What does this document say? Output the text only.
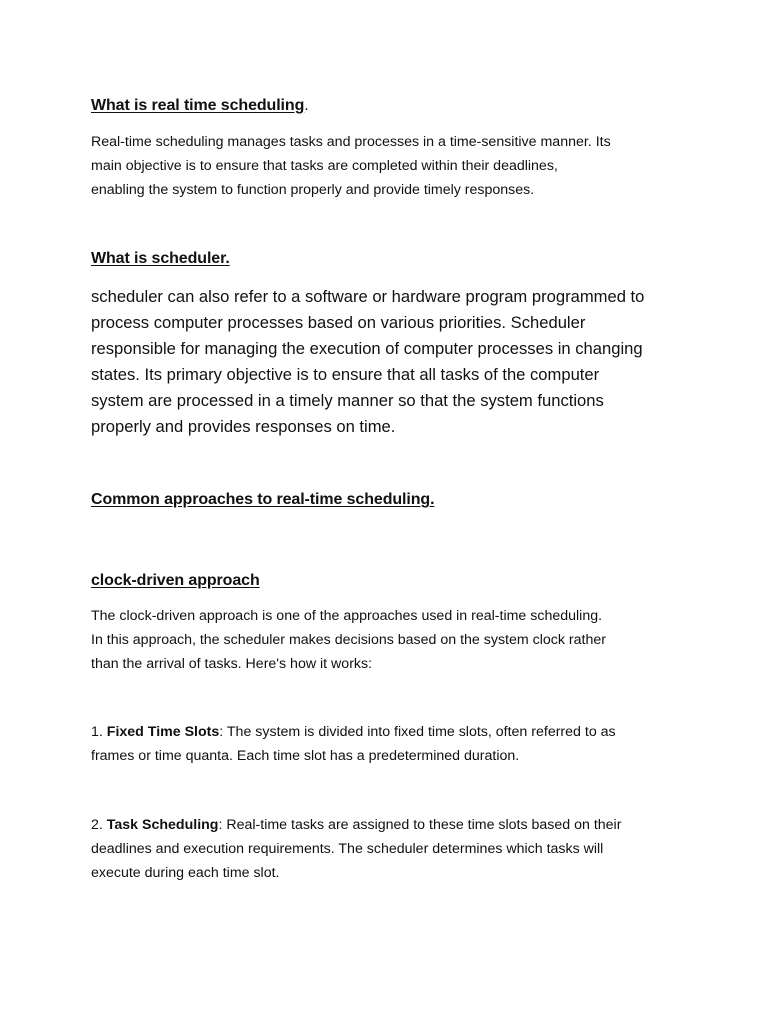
What is real time scheduling.

Real-time scheduling manages tasks and processes in a time-sensitive manner. Its
main objective is to ensure that tasks are completed within their deadlines,
enabling the system to function properly and provide timely responses.

What is scheduler.

scheduler can also refer to a software or hardware program programmed to
process computer processes based on various priorities. Scheduler
responsible for managing the execution of computer processes in changing
states. Its primary objective is to ensure that all tasks of the computer
system are processed in a timely manner so that the system functions
properly and provides responses on time.

Common approaches to real-time scheduling.
clock-driven approach

The clock-driven approach is one of the approaches used in real-time scheduling.
In this approach, the scheduler makes decisions based on the system clock rather
than the arrival of tasks. Here's how it works:

1. Fixed Time Slots: The system is divided into fixed time slots, often referred to as
frames or time quanta. Each time slot has a predetermined duration.

2. Task Scheduling: Real-time tasks are assigned to these time slots based on their
deadlines and execution requirements. The scheduler determines which tasks will
execute during each time slot.
